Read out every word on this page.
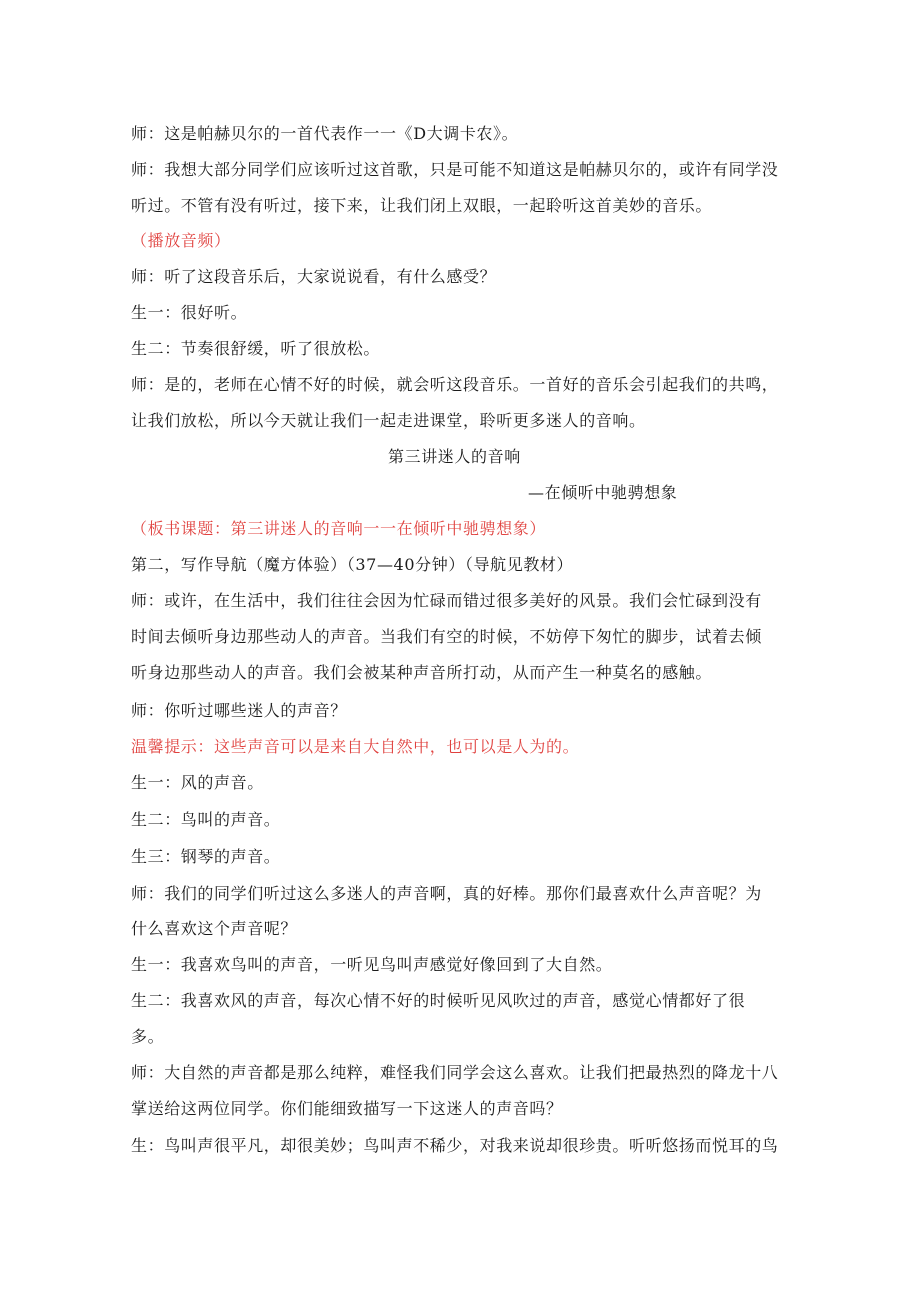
师：这是帕赫贝尔的一首代表作一一《D大调卡农》。
师：我想大部分同学们应该听过这首歌，只是可能不知道这是帕赫贝尔的，或许有同学没
听过。不管有没有听过，接下来，让我们闭上双眼，一起聆听这首美妙的音乐。
（播放音频）
师：听了这段音乐后，大家说说看，有什么感受？
生一：很好听。
生二：节奏很舒缓，听了很放松。
师：是的，老师在心情不好的时候，就会听这段音乐。一首好的音乐会引起我们的共鸣，
让我们放松，所以今天就让我们一起走进课堂，聆听更多迷人的音响。
第三讲迷人的音响
—在倾听中驰骋想象
（板书课题：第三讲迷人的音响一一在倾听中驰骋想象）
第二，写作导航（魔方体验）（37—40分钟）（导航见教材）
师：或许，在生活中，我们往往会因为忙碌而错过很多美好的风景。我们会忙碌到没有
时间去倾听身边那些动人的声音。当我们有空的时候，不妨停下匆忙的脚步，试着去倾
听身边那些动人的声音。我们会被某种声音所打动，从而产生一种莫名的感触。
师：你听过哪些迷人的声音？
温馨提示：这些声音可以是来自大自然中，也可以是人为的。
生一：风的声音。
生二：鸟叫的声音。
生三：钢琴的声音。
师：我们的同学们听过这么多迷人的声音啊，真的好棒。那你们最喜欢什么声音呢？为
什么喜欢这个声音呢？
生一：我喜欢鸟叫的声音，一听见鸟叫声感觉好像回到了大自然。
生二：我喜欢风的声音，每次心情不好的时候听见风吹过的声音，感觉心情都好了很
多。
师：大自然的声音都是那么纯粹，难怪我们同学会这么喜欢。让我们把最热烈的降龙十八
掌送给这两位同学。你们能细致描写一下这迷人的声音吗？
生：鸟叫声很平凡，却很美妙；鸟叫声不稀少，对我来说却很珍贵。听听悠扬而悦耳的鸟
